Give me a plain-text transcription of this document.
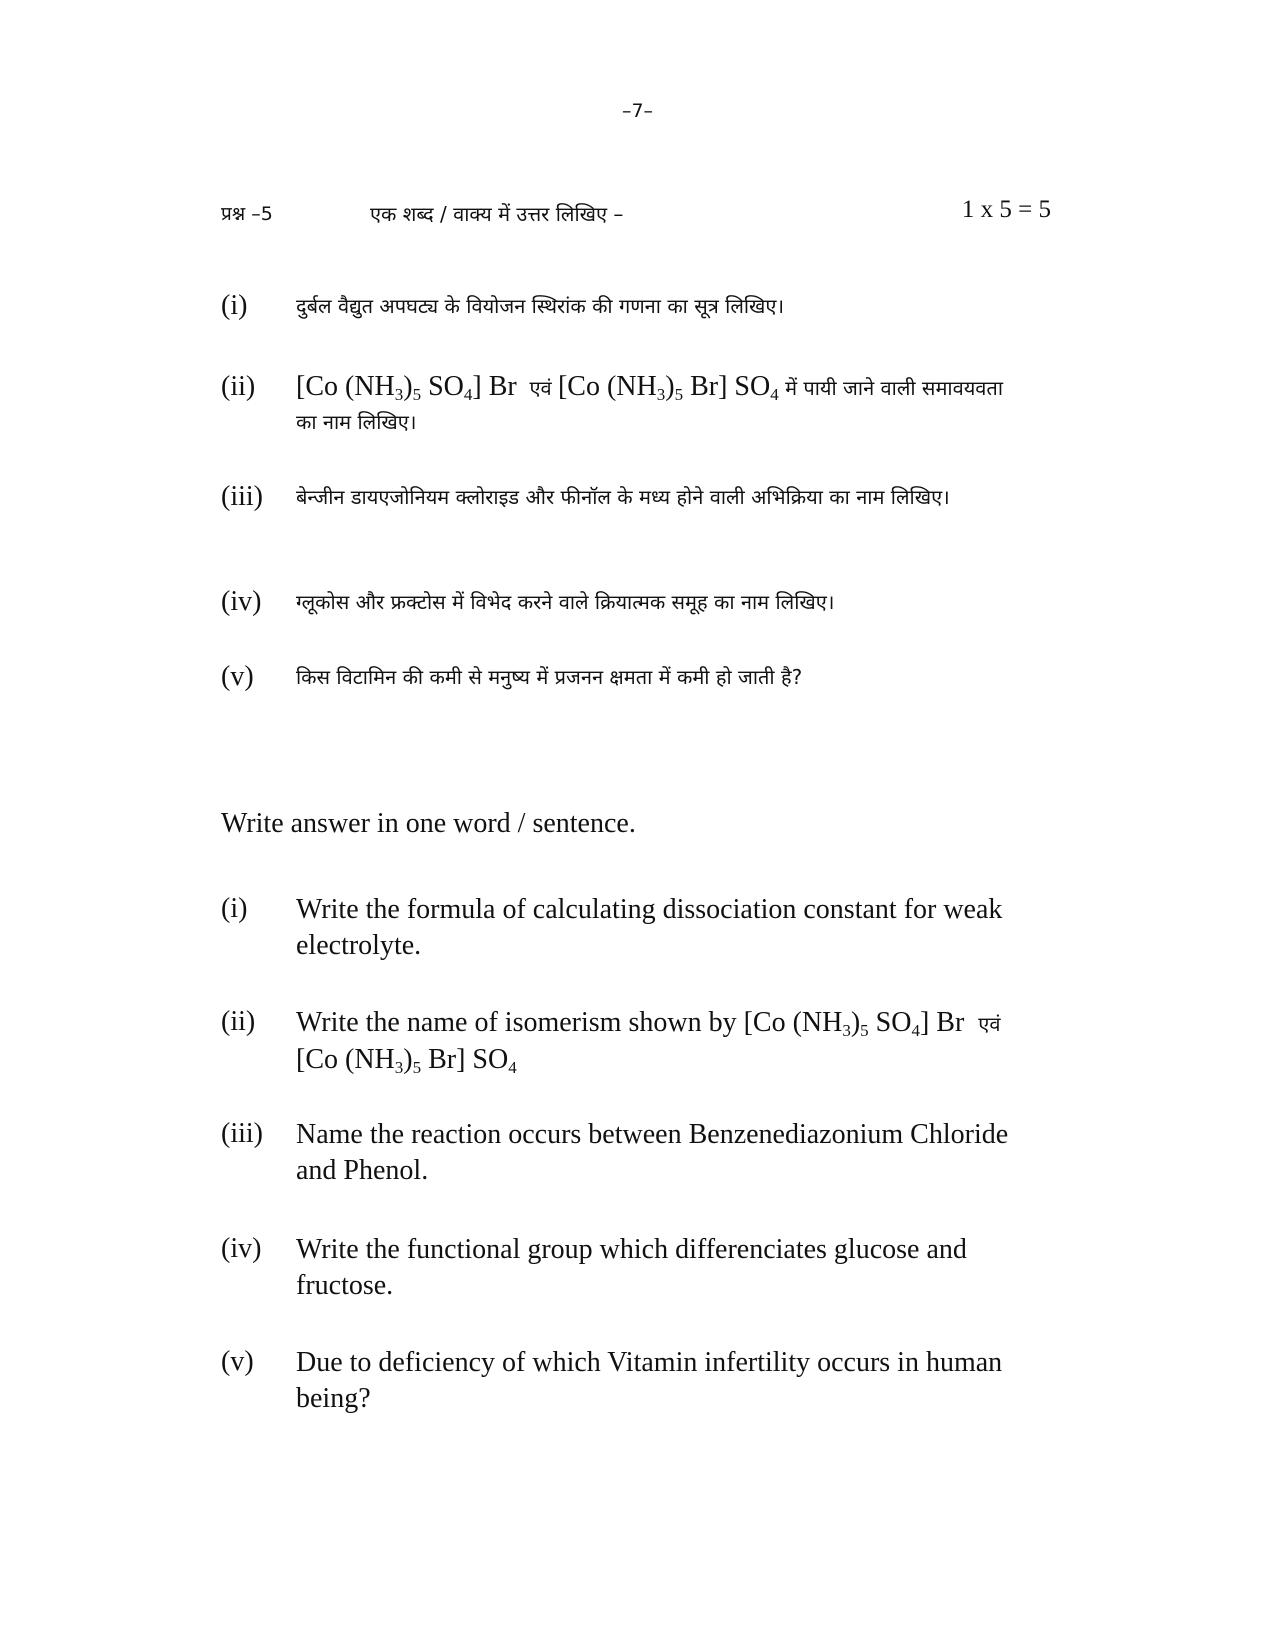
–7–
प्रश्न –5	एक शब्द / वाक्य में उत्तर लिखिए –	1 x 5 = 5
(i) दुर्बल वैद्युत अपघट्य के वियोजन स्थिरांक की गणना का सूत्र लिखिए।
(ii) [Co $(NH_3)_5$ $SO_4$] Br एवं [Co $(NH_3)_5$ Br] $SO_4$ में पायी जाने वाली समावयवता
का नाम लिखिए।
(iii) बेन्जीन डायएजोनियम क्लोराइड और फीनॉल के मध्य होने वाली अभिक्रिया का नाम लिखिए।
(iv) ग्लूकोस और फ्रक्टोस में विभेद करने वाले क्रियात्मक समूह का नाम लिखिए।
(v) किस विटामिन की कमी से मनुष्य में प्रजनन क्षमता में कमी हो जाती है?
Write answer in one word / sentence.
(i) Write the formula of calculating dissociation constant for weak electrolyte.
(ii) Write the name of isomerism shown by [Co $(NH_3)_5$ $SO_4$] Br एवं
[Co $(NH_3)_5$ Br] $SO_4$
(iii) Name the reaction occurs between Benzenediazonium Chloride and Phenol.
(iv) Write the functional group which differenciates glucose and fructose.
(v) Due to deficiency of which Vitamin infertility occurs in human being?
